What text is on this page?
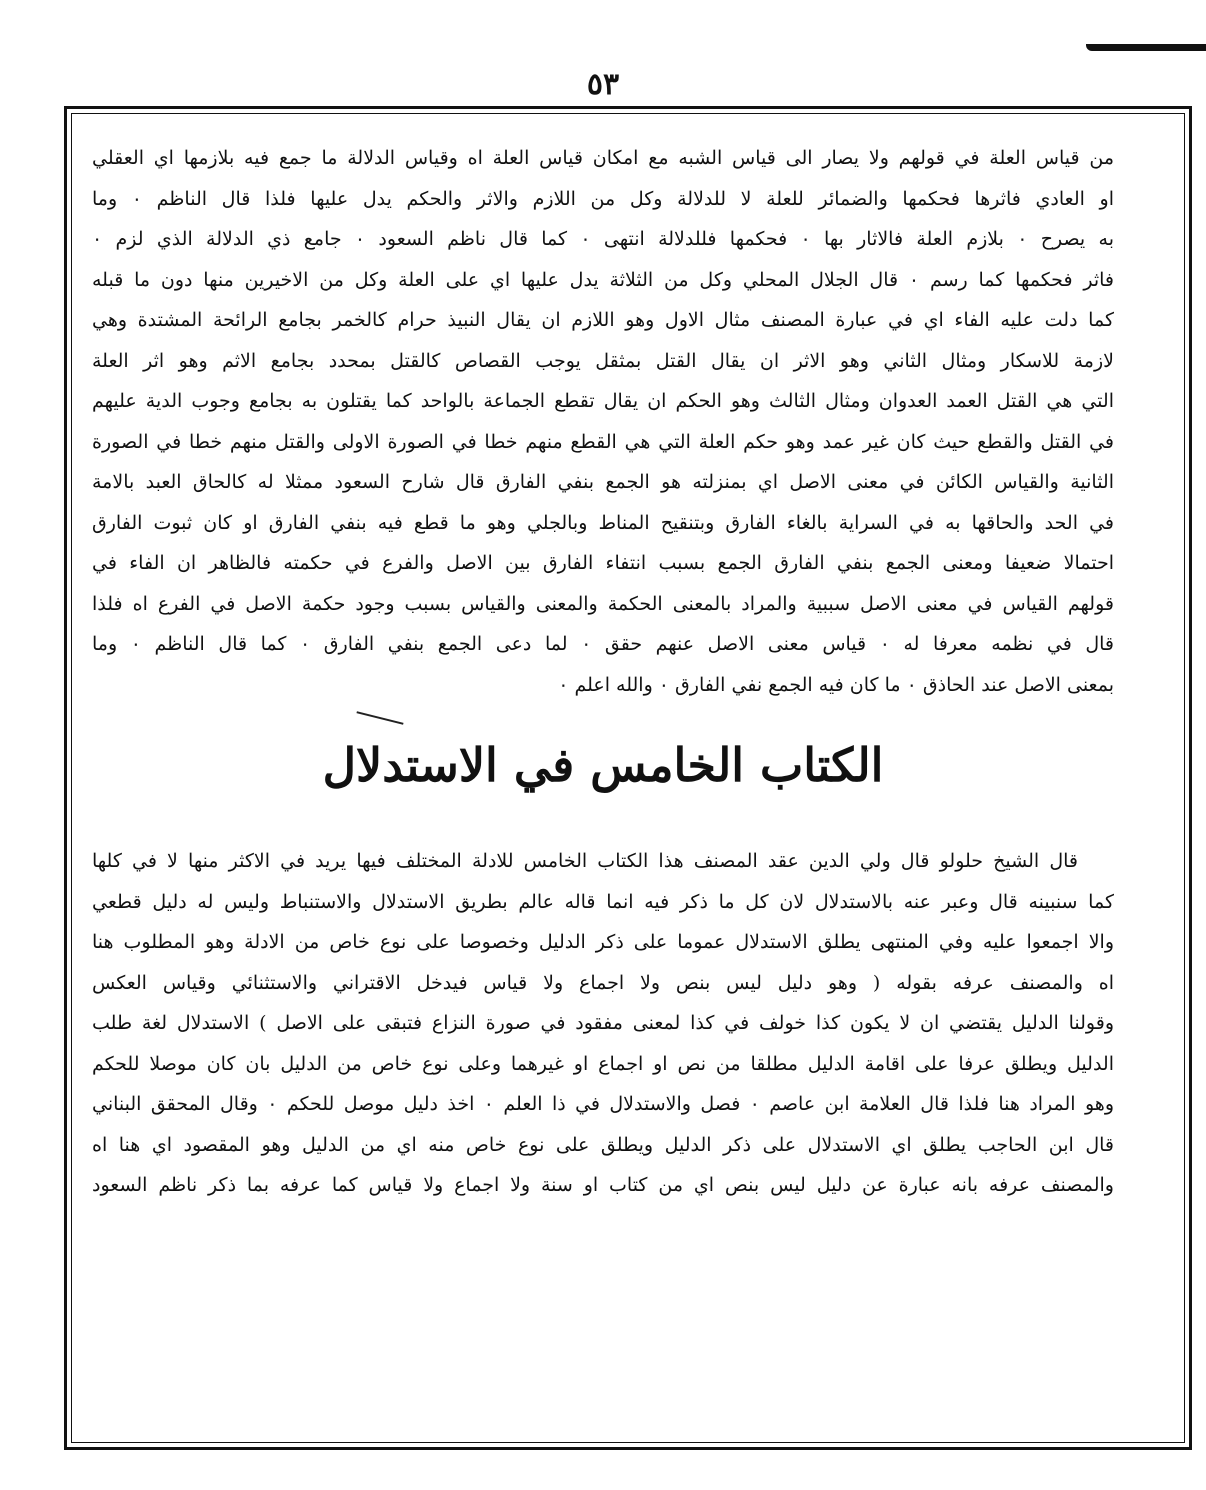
٥٣
من قياس العلة في قولهم ولا يصار الى قياس الشبه مع امكان قياس العلة اه وقياس الدلالة ما جمع فيه بلازمها اي العقلي
او العادي فاثرها فحكمها والضمائر للعلة لا للدلالة وكل من اللازم والاثر والحكم يدل عليها فلذا قال الناظم ۰ وما
به يصرح ۰ بلازم العلة فالاثار بها ۰ فحكمها فللدلالة انتهى ۰ كما قال ناظم السعود ۰ جامع ذي الدلالة الذي لزم ۰
فاثر فحكمها كما رسم ۰ قال الجلال المحلي وكل من الثلاثة يدل عليها اي على العلة وكل من الاخيرين منها دون ما قبله
كما دلت عليه الفاء اي في عبارة المصنف مثال الاول وهو اللازم ان يقال النبيذ حرام كالخمر بجامع الرائحة المشتدة وهي
لازمة للاسكار ومثال الثاني وهو الاثر ان يقال القتل بمثقل يوجب القصاص كالقتل بمحدد بجامع الاثم وهو اثر العلة
التي هي القتل العمد العدوان ومثال الثالث وهو الحكم ان يقال تقطع الجماعة بالواحد كما يقتلون به بجامع وجوب الدية عليهم
في القتل والقطع حيث كان غير عمد وهو حكم العلة التي هي القطع منهم خطا في الصورة الاولى والقتل منهم خطا في الصورة
الثانية والقياس الكائن في معنى الاصل اي بمنزلته هو الجمع بنفي الفارق قال شارح السعود ممثلا له كالحاق العبد بالامة
في الحد والحاقها به في السراية بالغاء الفارق وبتنقيح المناط وبالجلي وهو ما قطع فيه بنفي الفارق او كان ثبوت الفارق
احتمالا ضعيفا ومعنى الجمع بنفي الفارق الجمع بسبب انتفاء الفارق بين الاصل والفرع في حكمته فالظاهر ان الفاء في
قولهم القياس في معنى الاصل سببية والمراد بالمعنى الحكمة والمعنى والقياس بسبب وجود حكمة الاصل في الفرع اه فلذا
قال في نظمه معرفا له ۰ قياس معنى الاصل عنهم حقق ۰ لما دعى الجمع بنفي الفارق ۰ كما قال الناظم ۰ وما
بمعنى الاصل عند الحاذق ۰ ما كان فيه الجمع نفي الفارق ۰ والله اعلم ۰
الكتاب الخامس في الاستدلال
قال الشيخ حلولو قال ولي الدين عقد المصنف هذا الكتاب الخامس للادلة المختلف فيها يريد في الاكثر منها لا في كلها
كما سنبينه قال وعبر عنه بالاستدلال لان كل ما ذكر فيه انما قاله عالم بطريق الاستدلال والاستنباط وليس له دليل قطعي
والا اجمعوا عليه وفي المنتهى يطلق الاستدلال عموما على ذكر الدليل وخصوصا على نوع خاص من الادلة وهو المطلوب هنا
اه والمصنف عرفه بقوله ( وهو دليل ليس بنص ولا اجماع ولا قياس فيدخل الاقتراني والاستثنائي وقياس العكس
وقولنا الدليل يقتضي ان لا يكون كذا خولف في كذا لمعنى مفقود في صورة النزاع فتبقى على الاصل ) الاستدلال لغة طلب
الدليل ويطلق عرفا على اقامة الدليل مطلقا من نص او اجماع او غيرهما وعلى نوع خاص من الدليل بان كان موصلا للحكم
وهو المراد هنا فلذا قال العلامة ابن عاصم ۰ فصل والاستدلال في ذا العلم ۰ اخذ دليل موصل للحكم ۰ وقال المحقق البناني
قال ابن الحاجب يطلق اي الاستدلال على ذكر الدليل ويطلق على نوع خاص منه اي من الدليل وهو المقصود اي هنا اه
والمصنف عرفه بانه عبارة عن دليل ليس بنص اي من كتاب او سنة ولا اجماع ولا قياس كما عرفه بما ذكر ناظم السعود
